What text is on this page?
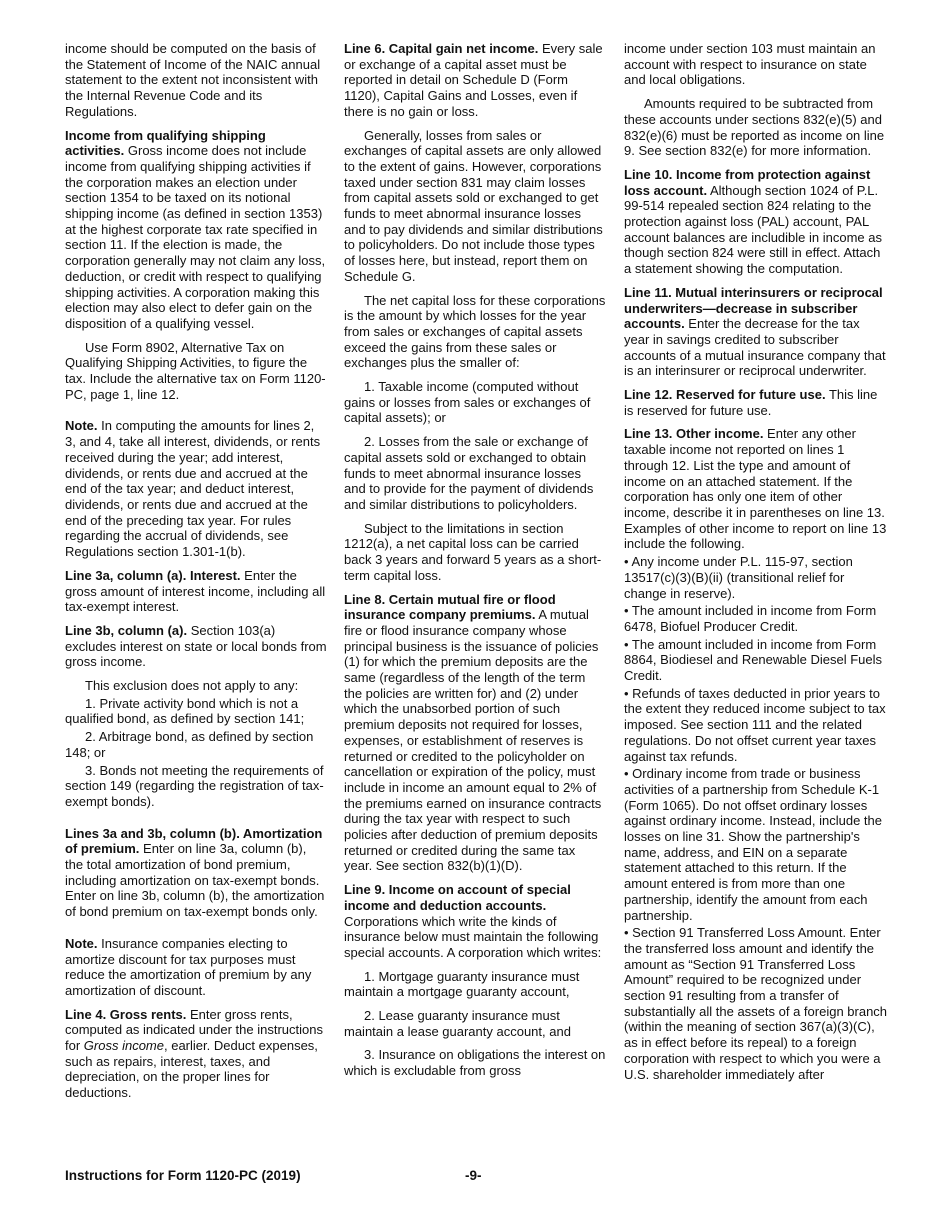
income should be computed on the basis of the Statement of Income of the NAIC annual statement to the extent not inconsistent with the Internal Revenue Code and its Regulations.

Income from qualifying shipping activities. Gross income does not include income from qualifying shipping activities if the corporation makes an election under section 1354 to be taxed on its notional shipping income (as defined in section 1353) at the highest corporate tax rate specified in section 11. If the election is made, the corporation generally may not claim any loss, deduction, or credit with respect to qualifying shipping activities. A corporation making this election may also elect to defer gain on the disposition of a qualifying vessel.

Use Form 8902, Alternative Tax on Qualifying Shipping Activities, to figure the tax. Include the alternative tax on Form 1120-PC, page 1, line 12.

Note. In computing the amounts for lines 2, 3, and 4, take all interest, dividends, or rents received during the year; add interest, dividends, or rents due and accrued at the end of the tax year; and deduct interest, dividends, or rents due and accrued at the end of the preceding tax year. For rules regarding the accrual of dividends, see Regulations section 1.301-1(b).

Line 3a, column (a). Interest. Enter the gross amount of interest income, including all tax-exempt interest.

Line 3b, column (a). Section 103(a) excludes interest on state or local bonds from gross income.

This exclusion does not apply to any:

1. Private activity bond which is not a qualified bond, as defined by section 141;

2. Arbitrage bond, as defined by section 148; or

3. Bonds not meeting the requirements of section 149 (regarding the registration of tax-exempt bonds).

Lines 3a and 3b, column (b). Amortization of premium. Enter on line 3a, column (b), the total amortization of bond premium, including amortization on tax-exempt bonds. Enter on line 3b, column (b), the amortization of bond premium on tax-exempt bonds only.

Note. Insurance companies electing to amortize discount for tax purposes must reduce the amortization of premium by any amortization of discount.

Line 4. Gross rents. Enter gross rents, computed as indicated under the instructions for Gross income, earlier. Deduct expenses, such as repairs, interest, taxes, and depreciation, on the proper lines for deductions.

Line 6. Capital gain net income. Every sale or exchange of a capital asset must be reported in detail on Schedule D (Form 1120), Capital Gains and Losses, even if there is no gain or loss.

Generally, losses from sales or exchanges of capital assets are only allowed to the extent of gains. However, corporations taxed under section 831 may claim losses from capital assets sold or exchanged to get funds to meet abnormal insurance losses and to pay dividends and similar distributions to policyholders. Do not include those types of losses here, but instead, report them on Schedule G.

The net capital loss for these corporations is the amount by which losses for the year from sales or exchanges of capital assets exceed the gains from these sales or exchanges plus the smaller of:

1. Taxable income (computed without gains or losses from sales or exchanges of capital assets); or

2. Losses from the sale or exchange of capital assets sold or exchanged to obtain funds to meet abnormal insurance losses and to provide for the payment of dividends and similar distributions to policyholders.

Subject to the limitations in section 1212(a), a net capital loss can be carried back 3 years and forward 5 years as a short-term capital loss.

Line 8. Certain mutual fire or flood insurance company premiums. A mutual fire or flood insurance company whose principal business is the issuance of policies (1) for which the premium deposits are the same (regardless of the length of the term the policies are written for) and (2) under which the unabsorbed portion of such premium deposits not required for losses, expenses, or establishment of reserves is returned or credited to the policyholder on cancellation or expiration of the policy, must include in income an amount equal to 2% of the premiums earned on insurance contracts during the tax year with respect to such policies after deduction of premium deposits returned or credited during the same tax year. See section 832(b)(1)(D).

Line 9. Income on account of special income and deduction accounts. Corporations which write the kinds of insurance below must maintain the following special accounts. A corporation which writes:

1. Mortgage guaranty insurance must maintain a mortgage guaranty account,

2. Lease guaranty insurance must maintain a lease guaranty account, and

3. Insurance on obligations the interest on which is excludable from gross

income under section 103 must maintain an account with respect to insurance on state and local obligations.

Amounts required to be subtracted from these accounts under sections 832(e)(5) and 832(e)(6) must be reported as income on line 9. See section 832(e) for more information.

Line 10. Income from protection against loss account. Although section 1024 of P.L. 99-514 repealed section 824 relating to the protection against loss (PAL) account, PAL account balances are includible in income as though section 824 were still in effect. Attach a statement showing the computation.

Line 11. Mutual interinsurers or reciprocal underwriters—decrease in subscriber accounts. Enter the decrease for the tax year in savings credited to subscriber accounts of a mutual insurance company that is an interinsurer or reciprocal underwriter.

Line 12. Reserved for future use. This line is reserved for future use.

Line 13. Other income. Enter any other taxable income not reported on lines 1 through 12. List the type and amount of income on an attached statement. If the corporation has only one item of other income, describe it in parentheses on line 13. Examples of other income to report on line 13 include the following.

• Any income under P.L. 115-97, section 13517(c)(3)(B)(ii) (transitional relief for change in reserve).

• The amount included in income from Form 6478, Biofuel Producer Credit.

• The amount included in income from Form 8864, Biodiesel and Renewable Diesel Fuels Credit.

• Refunds of taxes deducted in prior years to the extent they reduced income subject to tax imposed. See section 111 and the related regulations. Do not offset current year taxes against tax refunds.

• Ordinary income from trade or business activities of a partnership from Schedule K-1 (Form 1065). Do not offset ordinary losses against ordinary income. Instead, include the losses on line 31. Show the partnership's name, address, and EIN on a separate statement attached to this return. If the amount entered is from more than one partnership, identify the amount from each partnership.

• Section 91 Transferred Loss Amount. Enter the transferred loss amount and identify the amount as “Section 91 Transferred Loss Amount” required to be recognized under section 91 resulting from a transfer of substantially all the assets of a foreign branch (within the meaning of section 367(a)(3)(C), as in effect before its repeal) to a foreign corporation with respect to which you were a U.S. shareholder immediately after

Instructions for Form 1120-PC (2019)	-9-
